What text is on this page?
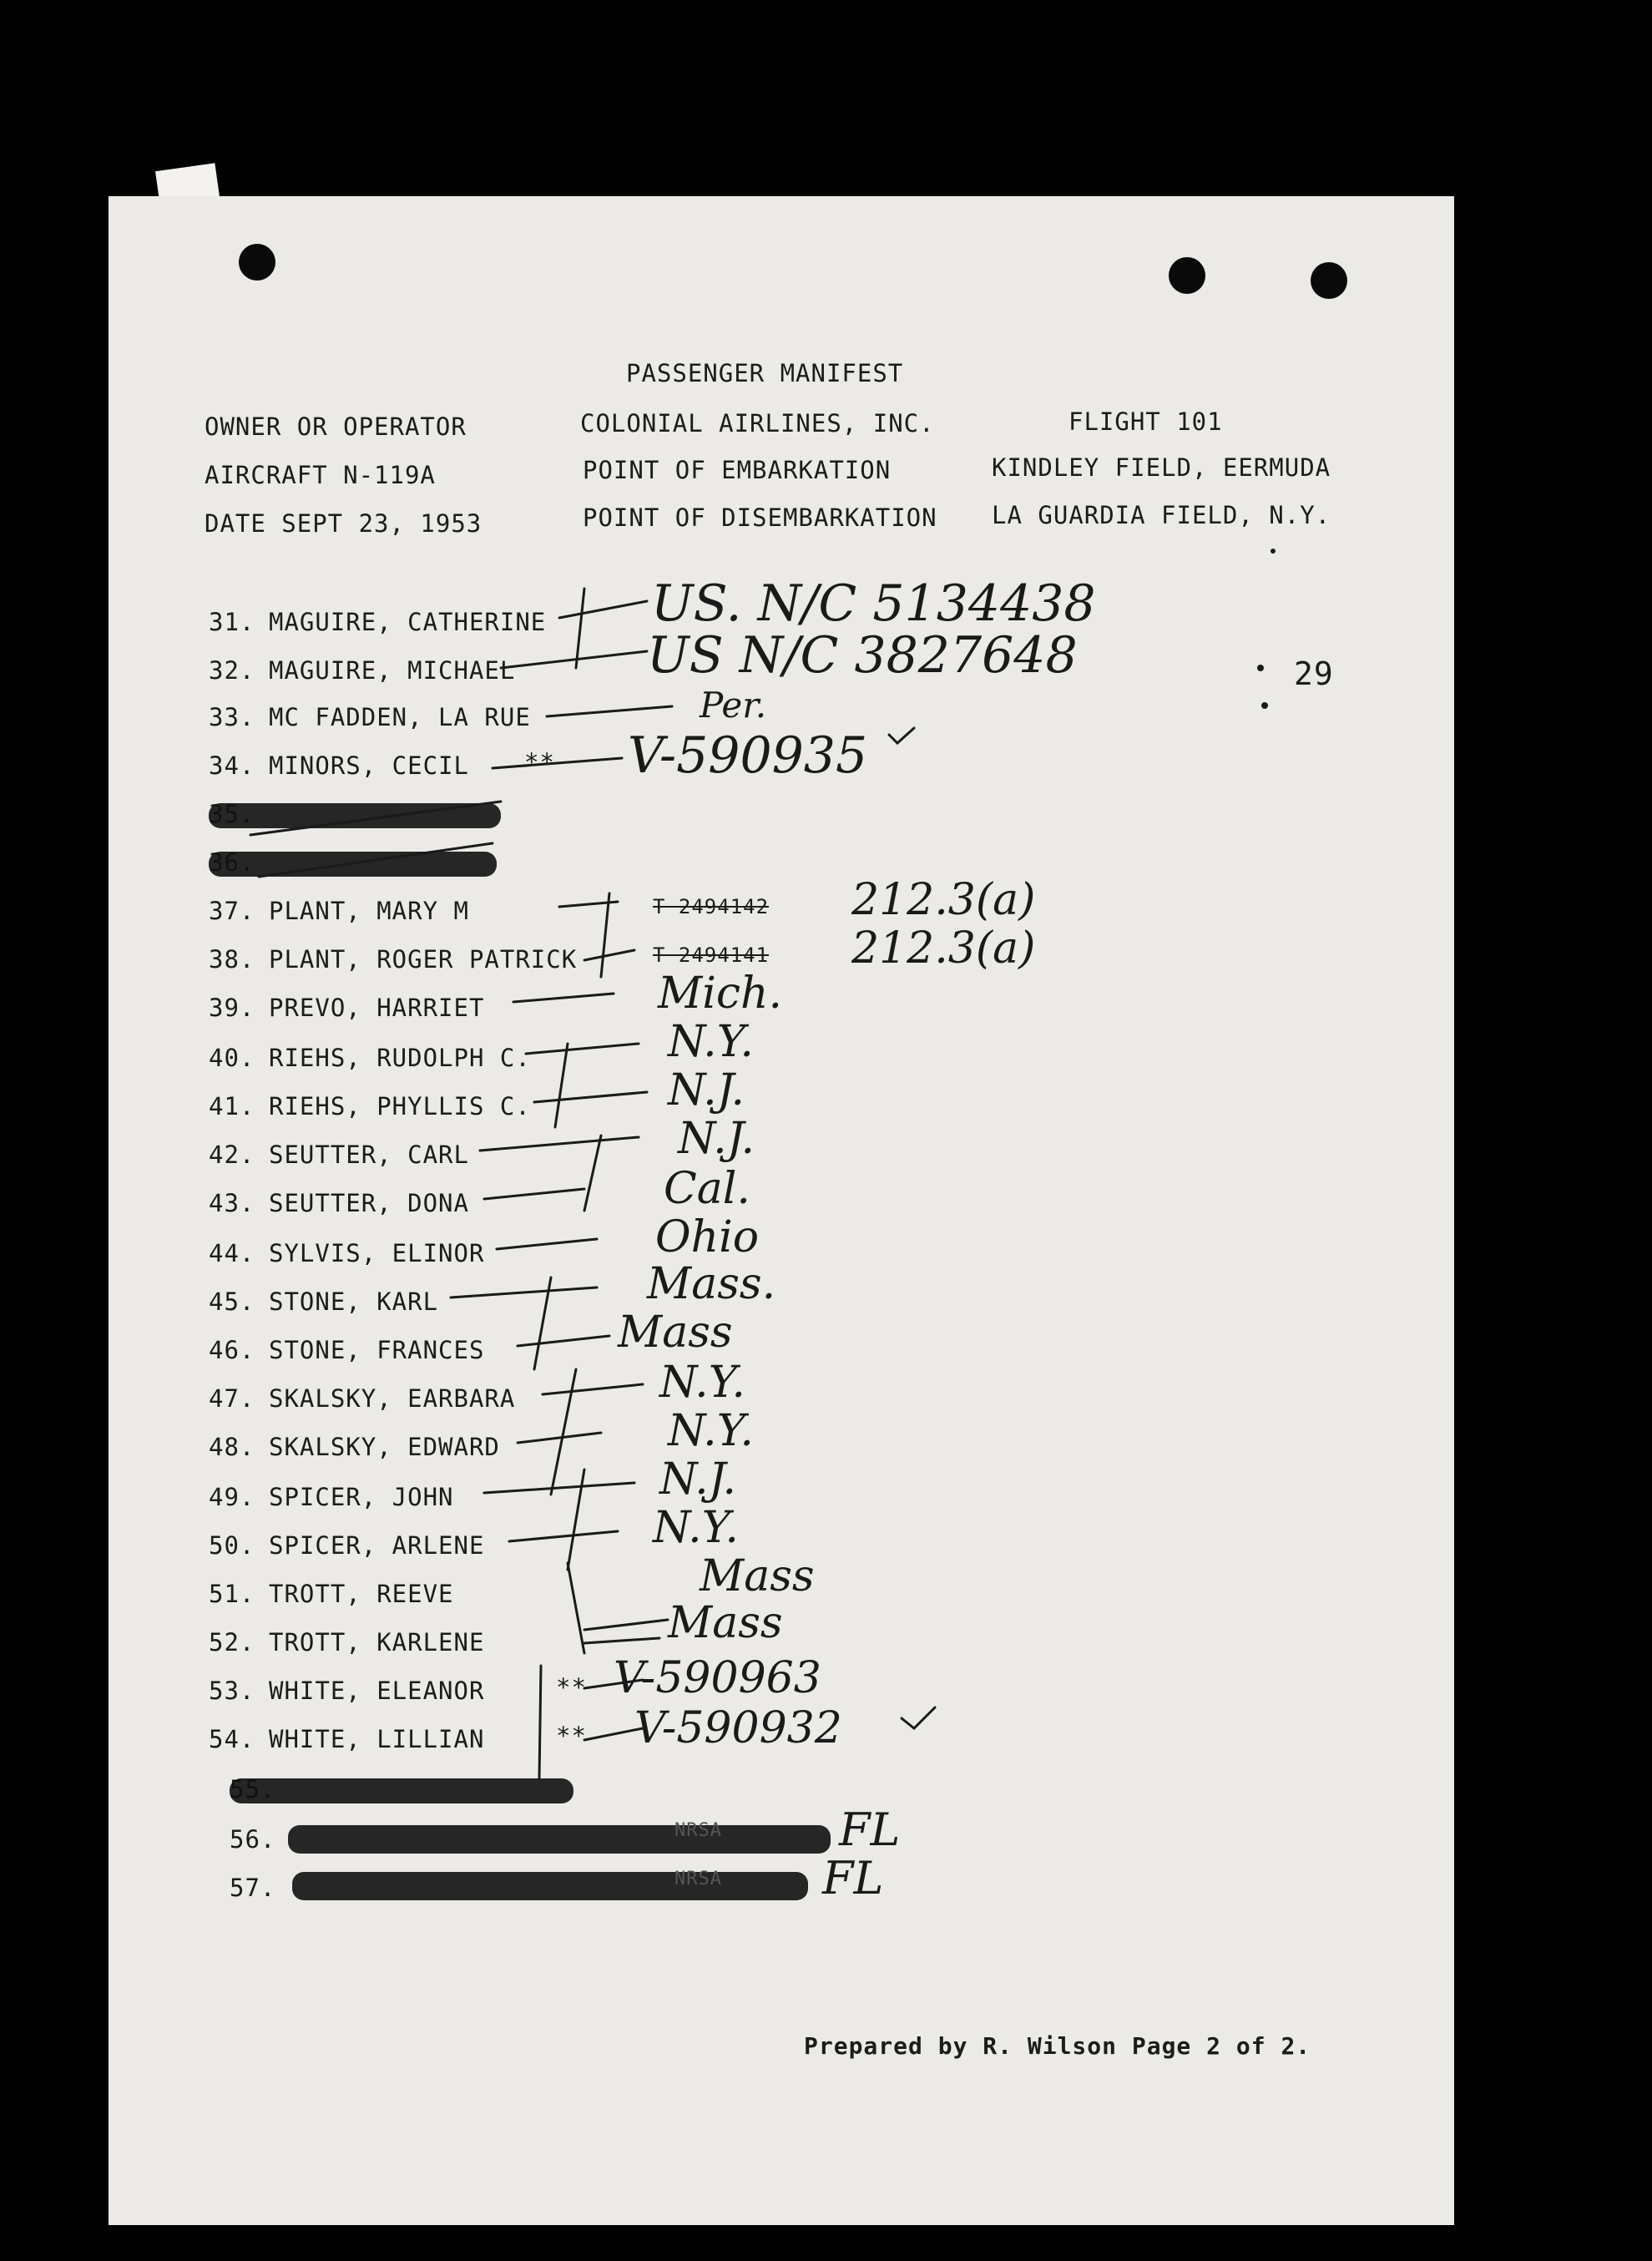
PASSENGER MANIFEST
OWNER OR OPERATOR	COLONIAL AIRLINES, INC.	FLIGHT 101
AIRCRAFT N-119A	POINT OF EMBARKATION	KINDLEY FIELD, EERMUDA
DATE SEPT 23, 1953	POINT OF DISEMBARKATION LA GUARDIA FIELD, N.Y.
29
31. MAGUIRE, CATHERINE US. N/C 5134438
32. MAGUIRE, MICHAEL	US N/C 3827648
33. MC FADDEN, LA RUE	Per.
34. MINORS, CECIL ** V-590935
37. PLANT, MARY M	T 2494142 212.3(a)
38. PLANT, ROGER PATRICK	T 2494141 212.3(a)
39. PREVO, HARRIET	Mich.
40. RIEHS, RUDOLPH C.	N.Y.
41. RIEHS, PHYLLIS C.	N.J.
42. SEUTTER, CARL	N.J.
43. SEUTTER, DONA	Cal.
44. SYLVIS, ELINOR	Ohio
45. STONE, KARL	Mass.
46. STONE, FRANCES	Mass
47. SKALSKY, EARBARA	N.Y.
48. SKALSKY, EDWARD	N.Y.
49. SPICER, JOHN	N.J.
50. SPICER, ARLENE	N.Y.
51. TROTT, REEVE	Mass
52. TROTT, KARLENE	Mass
53. WHITE, ELEANOR	** V-590963
54. WHITE, LILLIAN	** V-590932
56.	NRSA	FL
57.	NRSA FL
Prepared by R. Wilson Page 2 of 2.
